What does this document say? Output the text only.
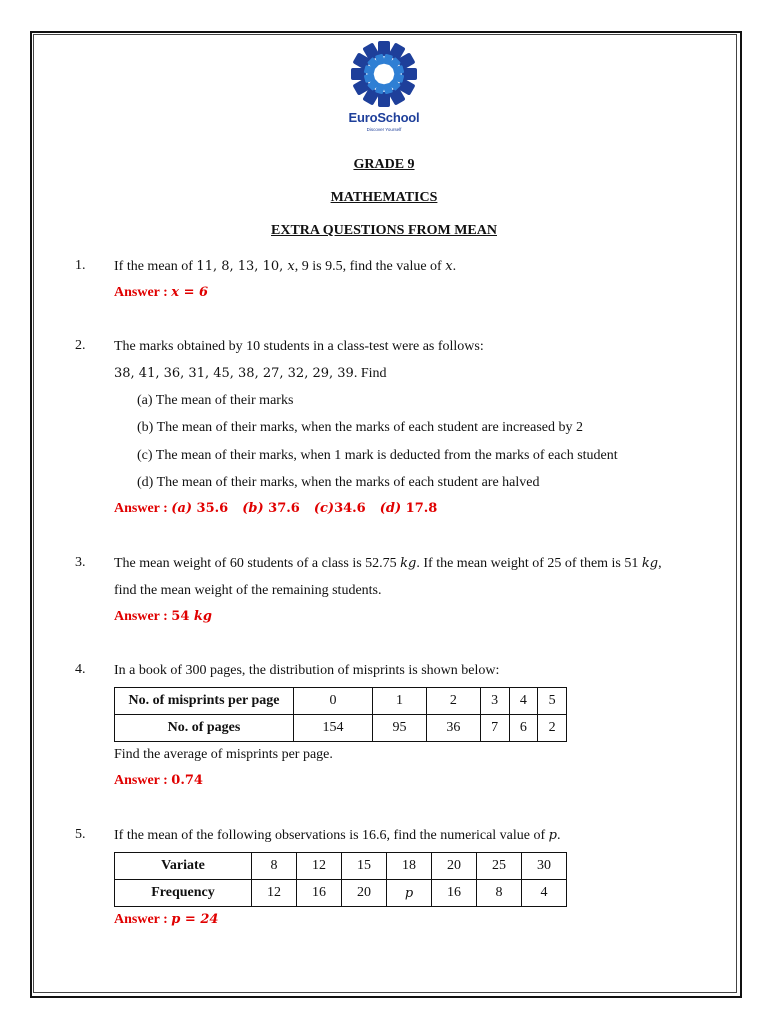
EuroSchool
Discover Yourself
GRADE 9
MATHEMATICS
EXTRA QUESTIONS FROM MEAN
1. If the mean of 11, 8, 13, 10, x, 9 is 9.5, find the value of x.
Answer : x = 6
2. The marks obtained by 10 students in a class-test were as follows:
38, 41, 36, 31, 45, 38, 27, 32, 29, 39. Find
(a) The mean of their marks
(b) The mean of their marks, when the marks of each student are increased by 2
(c) The mean of their marks, when 1 mark is deducted from the marks of each student
(d) The mean of their marks, when the marks of each student are halved
Answer : (a) 35.6 (b) 37.6 (c)34.6 (d) 17.8
3. The mean weight of 60 students of a class is 52.75 kg. If the mean weight of 25 of them is 51 kg,
find the mean weight of the remaining students.
Answer : 54 kg
4. In a book of 300 pages, the distribution of misprints is shown below:
No. of misprints per page	0	1	2	3	4	5
No. of pages	154	95	36	7	6	2
Find the average of misprints per page.
Answer : 0.74
5. If the mean of the following observations is 16.6, find the numerical value of p.
Variate	8	12	15	18	20	25	30
Frequency	12	16	20	p	16	8	4
Answer : p = 24
